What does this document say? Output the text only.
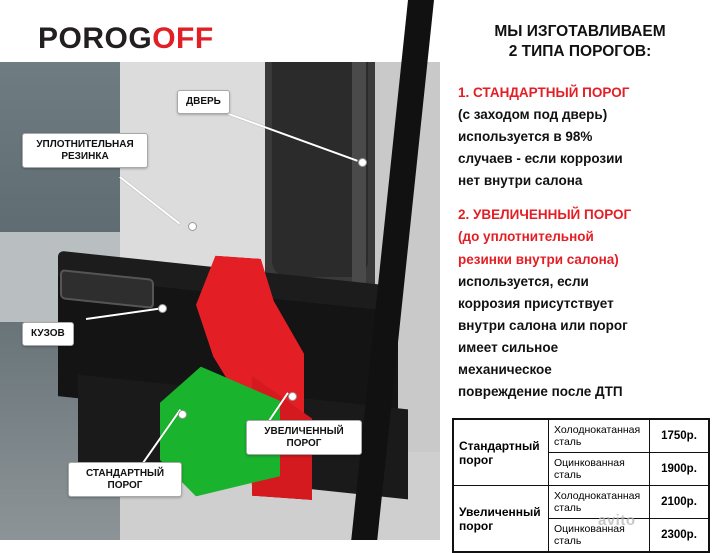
POROGOFF
ДВЕРЬ
УПЛОТНИТЕЛЬНАЯ
РЕЗИНКА
КУЗОВ
СТАНДАРТНЫЙ
ПОРОГ
УВЕЛИЧЕННЫЙ
ПОРОГ
МЫ ИЗГОТАВЛИВАЕМ
2 ТИПА ПОРОГОВ:

1. СТАНДАРТНЫЙ ПОРОГ

(с заходом под дверь)

используется в 98%

случаев - если коррозии

нет внутри салона

2. УВЕЛИЧЕННЫЙ ПОРОГ

(до уплотнительной

резинки внутри салона)

используется, если

коррозия присутствует

внутри салона или порог

имеет сильное

механическое

повреждение после ДТП

Стандартный порог	Холоднокатанная сталь	1750р.
	Оцинкованная сталь	1900р.
Увеличенный порог	Холоднокатанная сталь	2100р.
	Оцинкованная сталь	2300р.
avito
